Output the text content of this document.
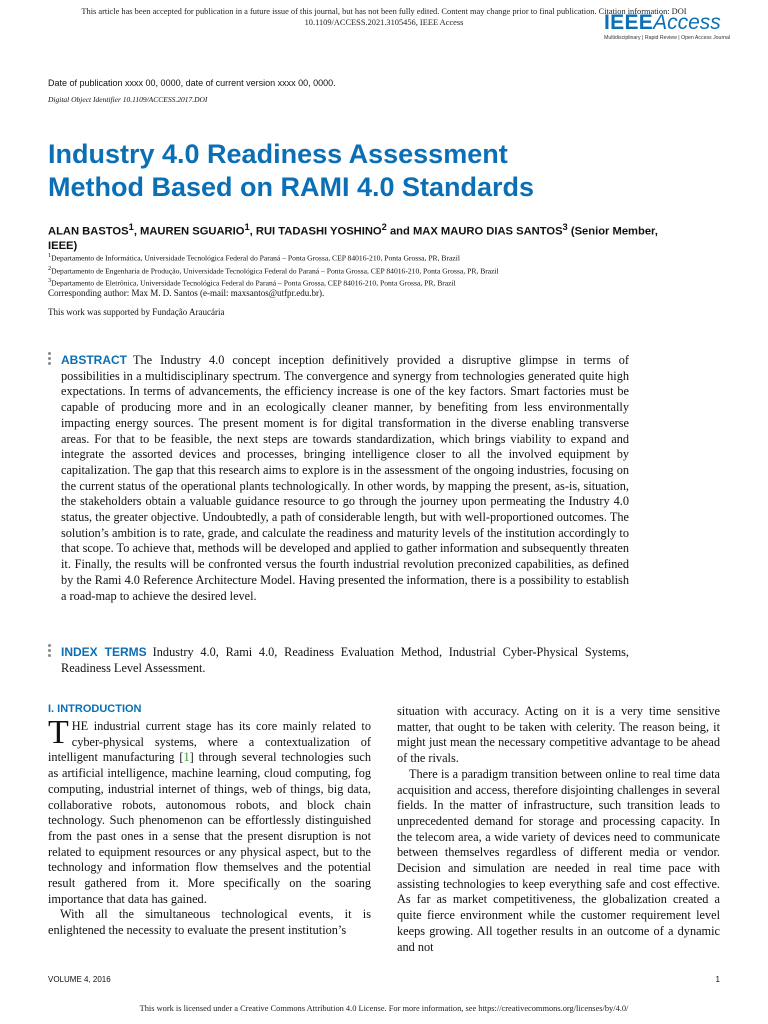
This article has been accepted for publication in a future issue of this journal, but has not been fully edited. Content may change prior to final publication. Citation information: DOI
10.1109/ACCESS.2021.3105456, IEEE Access	IEEEAccess
Multidisciplinary | Rapid Review | Open Access Journal
Date of publication xxxx 00, 0000, date of current version xxxx 00, 0000.
Digital Object Identifier 10.1109/ACCESS.2017.DOI
Industry 4.0 Readiness Assessment
Method Based on RAMI 4.0 Standards
ALAN BASTOS$^1$, MAUREN SGUARIO$^1$, RUI TADASHI YOSHINO$^2$ and MAX MAURO DIAS SANTOS$^3$ (Senior Member, IEEE)
$^1$Departamento de Informática, Universidade Tecnológica Federal do Paraná – Ponta Grossa, CEP 84016-210, Ponta Grossa, PR, Brazil
$^2$Departamento de Engenharia de Produção, Universidade Tecnológica Federal do Paraná – Ponta Grossa, CEP 84016-210, Ponta Grossa, PR, Brazil
$^3$Departamento de Eletrônica, Universidade Tecnológica Federal do Paraná – Ponta Grossa, CEP 84016-210, Ponta Grossa, PR, Brazil
Corresponding author: Max M. D. Santos (e-mail: maxsantos@utfpr.edu.br).
This work was supported by Fundação Araucária
ABSTRACT The Industry 4.0 concept inception definitively provided a disruptive glimpse in terms of possibilities in a multidisciplinary spectrum. The convergence and synergy from technologies generated quite high expectations. In terms of advancements, the efficiency increase is one of the key factors. Smart factories must be capable of producing more and in an ecologically cleaner manner, by benefiting from less environmentally impacting energy sources. The present moment is for digital transformation in the diverse enabling transverse areas. For that to be feasible, the next steps are towards standardization, which brings viability to expand and integrate the assorted devices and processes, bringing intelligence closer to all the involved equipment by capitalization. The gap that this research aims to explore is in the assessment of the ongoing industries, focusing on the current status of the operational plants technologically. In other words, by mapping the present, as-is, situation, the stakeholders obtain a valuable guidance resource to go through the journey upon permeating the Industry 4.0 status, the greater objective. Undoubtedly, a path of considerable length, but with well-proportioned outcomes. The solution’s ambition is to rate, grade, and calculate the readiness and maturity levels of the institution accordingly to that scope. To achieve that, methods will be developed and applied to gather information and subsequently threaten it. Finally, the results will be confronted versus the fourth industrial revolution preconized capabilities, as defined by the Rami 4.0 Reference Architecture Model. Having presented the information, there is a possibility to establish a road-map to achieve the desired level.
INDEX TERMS Industry 4.0, Rami 4.0, Readiness Evaluation Method, Industrial Cyber-Physical Systems, Readiness Level Assessment.
I. INTRODUCTION

THE industrial current stage has its core mainly related to cyber-physical systems, where a contextualization of intelligent manufacturing [1] through several technologies such as artificial intelligence, machine learning, cloud computing, fog computing, industrial internet of things, web of things, big data, collaborative robots, autonomous robots, and block chain technology. Such phenomenon can be effortlessly distinguished from the past ones in a sense that the present disruption is not related to equipment resources or any physical aspect, but to the technology and information flow themselves and the potential result gathered from it. More specifically on the soaring importance that data has gained.

With all the simultaneous technological events, it is enlightened the necessity to evaluate the present institution’s

situation with accuracy. Acting on it is a very time sensitive matter, that ought to be taken with celerity. The reason being, it might just mean the necessary competitive advantage to be ahead of the rivals.

There is a paradigm transition between online to real time data acquisition and access, therefore disjointing challenges in several fields. In the matter of infrastructure, such transition leads to unprecedented demand for storage and processing capacity. In the telecom area, a wide variety of devices need to communicate between themselves regardless of different media or vendor. Decision and simulation are needed in real time pace with assisting technologies to keep everything safe and cost effective. As far as market competitiveness, the globalization created a quite fierce environment while the customer requirement level keeps growing. All together results in an outcome of a dynamic and not

VOLUME 4, 2016	1
This work is licensed under a Creative Commons Attribution 4.0 License. For more information, see https://creativecommons.org/licenses/by/4.0/
